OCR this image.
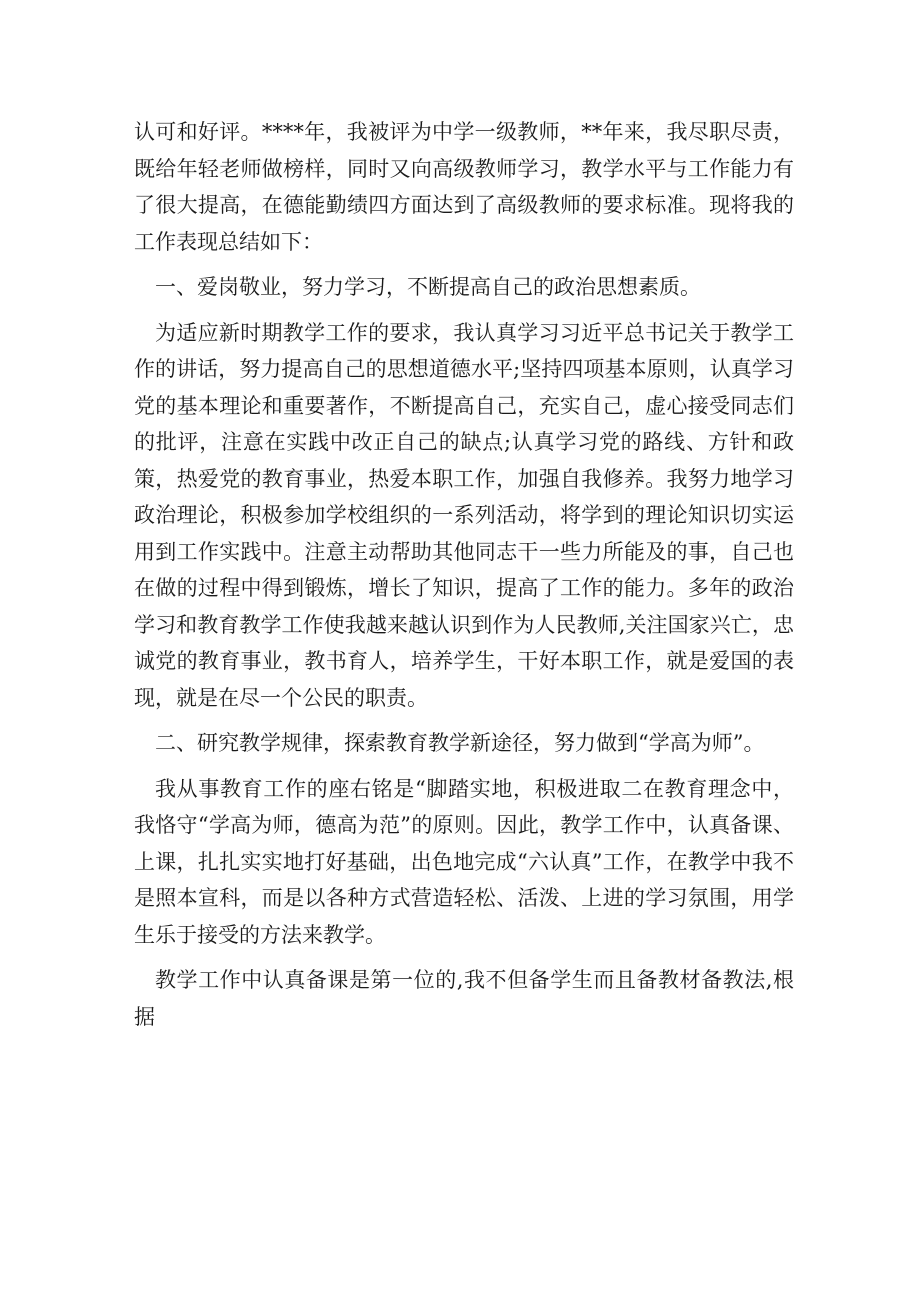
认可和好评。****年，我被评为中学一级教师，**年来，我尽职尽责，既给年轻老师做榜样，同时又向高级教师学习，教学水平与工作能力有了很大提高，在德能勤绩四方面达到了高级教师的要求标准。现将我的工作表现总结如下：

一、爱岗敬业，努力学习，不断提高自己的政治思想素质。

为适应新时期教学工作的要求，我认真学习习近平总书记关于教学工作的讲话，努力提高自己的思想道德水平;坚持四项基本原则，认真学习党的基本理论和重要著作，不断提高自己，充实自己，虚心接受同志们的批评，注意在实践中改正自己的缺点;认真学习党的路线、方针和政策，热爱党的教育事业，热爱本职工作，加强自我修养。我努力地学习政治理论，积极参加学校组织的一系列活动，将学到的理论知识切实运用到工作实践中。注意主动帮助其他同志干一些力所能及的事，自己也在做的过程中得到锻炼，增长了知识，提高了工作的能力。多年的政治学习和教育教学工作使我越来越认识到作为人民教师,关注国家兴亡，忠诚党的教育事业，教书育人，培养学生，干好本职工作，就是爱国的表现，就是在尽一个公民的职责。

二、研究教学规律，探索教育教学新途径，努力做到“学高为师”。

我从事教育工作的座右铭是“脚踏实地，积极进取二在教育理念中，我恪守“学高为师，德高为范”的原则。因此，教学工作中，认真备课、上课，扎扎实实地打好基础，出色地完成“六认真”工作，在教学中我不是照本宣科，而是以各种方式营造轻松、活泼、上进的学习氛围，用学生乐于接受的方法来教学。

教学工作中认真备课是第一位的,我不但备学生而且备教材备教法,根据
